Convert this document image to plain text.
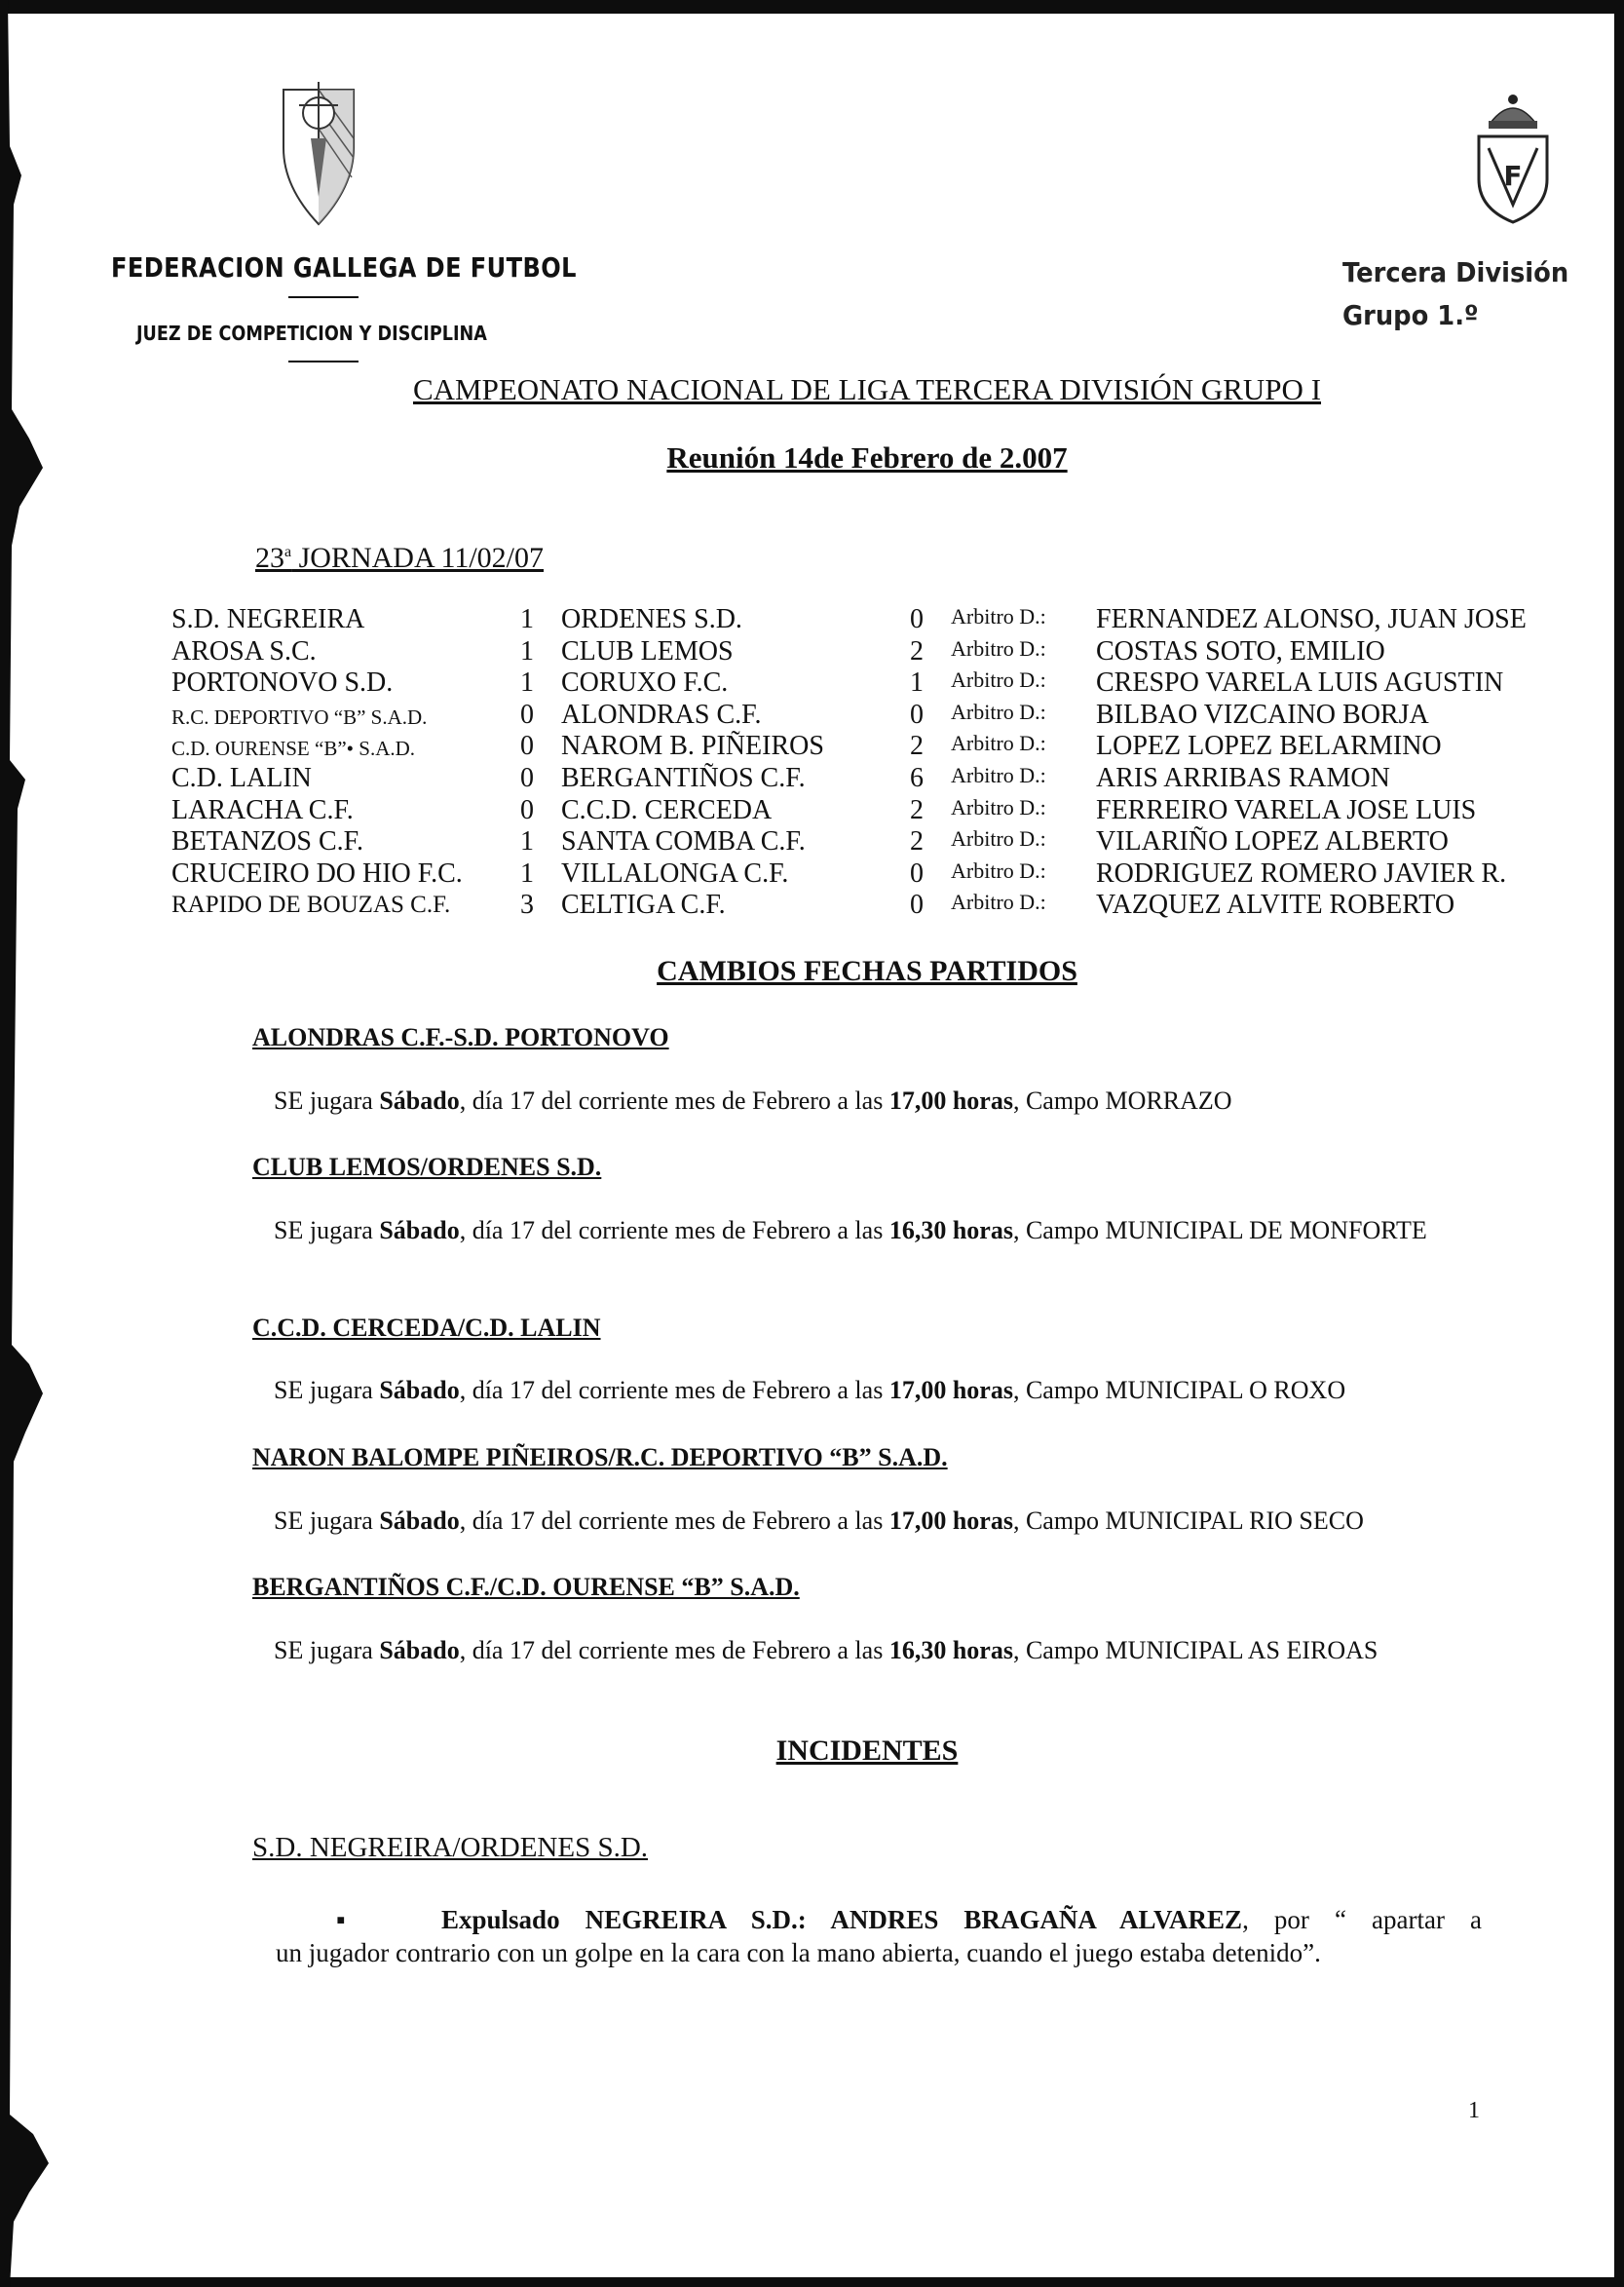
F
FEDERACION GALLEGA DE FUTBOL
JUEZ DE COMPETICION Y DISCIPLINA
Tercera División
Grupo 1.º
CAMPEONATO NACIONAL DE LIGA TERCERA DIVISIÓN GRUPO I
Reunión 14de Febrero de 2.007
23$^a$ JORNADA 11/02/07
S.D. NEGREIRA	1 ORDENES S.D.	0 Arbitro D.: FERNANDEZ ALONSO, JUAN JOSE
AROSA S.C.	1 CLUB LEMOS	2 Arbitro D.: COSTAS SOTO, EMILIO
PORTONOVO S.D.	1 CORUXO F.C.	1 Arbitro D.: CRESPO VARELA LUIS AGUSTIN
R.C. DEPORTIVO “B” S.A.D.	0 ALONDRAS C.F.	0 Arbitro D.: BILBAO VIZCAINO BORJA
C.D. OURENSE “B”• S.A.D.	0 NAROM B. PIÑEIROS	2 Arbitro D.: LOPEZ LOPEZ BELARMINO
C.D. LALIN	0 BERGANTIÑOS C.F.	6 Arbitro D.: ARIS ARRIBAS RAMON
LARACHA C.F.	0 C.C.D. CERCEDA	2 Arbitro D.: FERREIRO VARELA JOSE LUIS
BETANZOS C.F.	1 SANTA COMBA C.F.	2 Arbitro D.: VILARIÑO LOPEZ ALBERTO
CRUCEIRO DO HIO F.C. 1 VILLALONGA C.F.	0 Arbitro D.: RODRIGUEZ ROMERO JAVIER R.
RAPIDO DE BOUZAS C.F.	3 CELTIGA C.F.	0 Arbitro D.: VAZQUEZ ALVITE ROBERTO
CAMBIOS FECHAS PARTIDOS
ALONDRAS C.F.-S.D. PORTONOVO
SE jugara Sábado, día 17 del corriente mes de Febrero a las 17,00 horas, Campo MORRAZO
CLUB LEMOS/ORDENES S.D.
SE jugara Sábado, día 17 del corriente mes de Febrero a las 16,30 horas, Campo MUNICIPAL DE MONFORTE
C.C.D. CERCEDA/C.D. LALIN
SE jugara Sábado, día 17 del corriente mes de Febrero a las 17,00 horas, Campo MUNICIPAL O ROXO
NARON BALOMPE PIÑEIROS/R.C. DEPORTIVO “B” S.A.D.
SE jugara Sábado, día 17 del corriente mes de Febrero a las 17,00 horas, Campo MUNICIPAL RIO SECO
BERGANTIÑOS C.F./C.D. OURENSE “B” S.A.D.
SE jugara Sábado, día 17 del corriente mes de Febrero a las 16,30 horas, Campo MUNICIPAL AS EIROAS
INCIDENTES
S.D. NEGREIRA/ORDENES S.D.
▪	Expulsado NEGREIRA S.D.: ANDRES BRAGAÑA ALVAREZ, por “ apartar a
un jugador contrario con un golpe en la cara con la mano abierta, cuando el juego estaba detenido”.
1
